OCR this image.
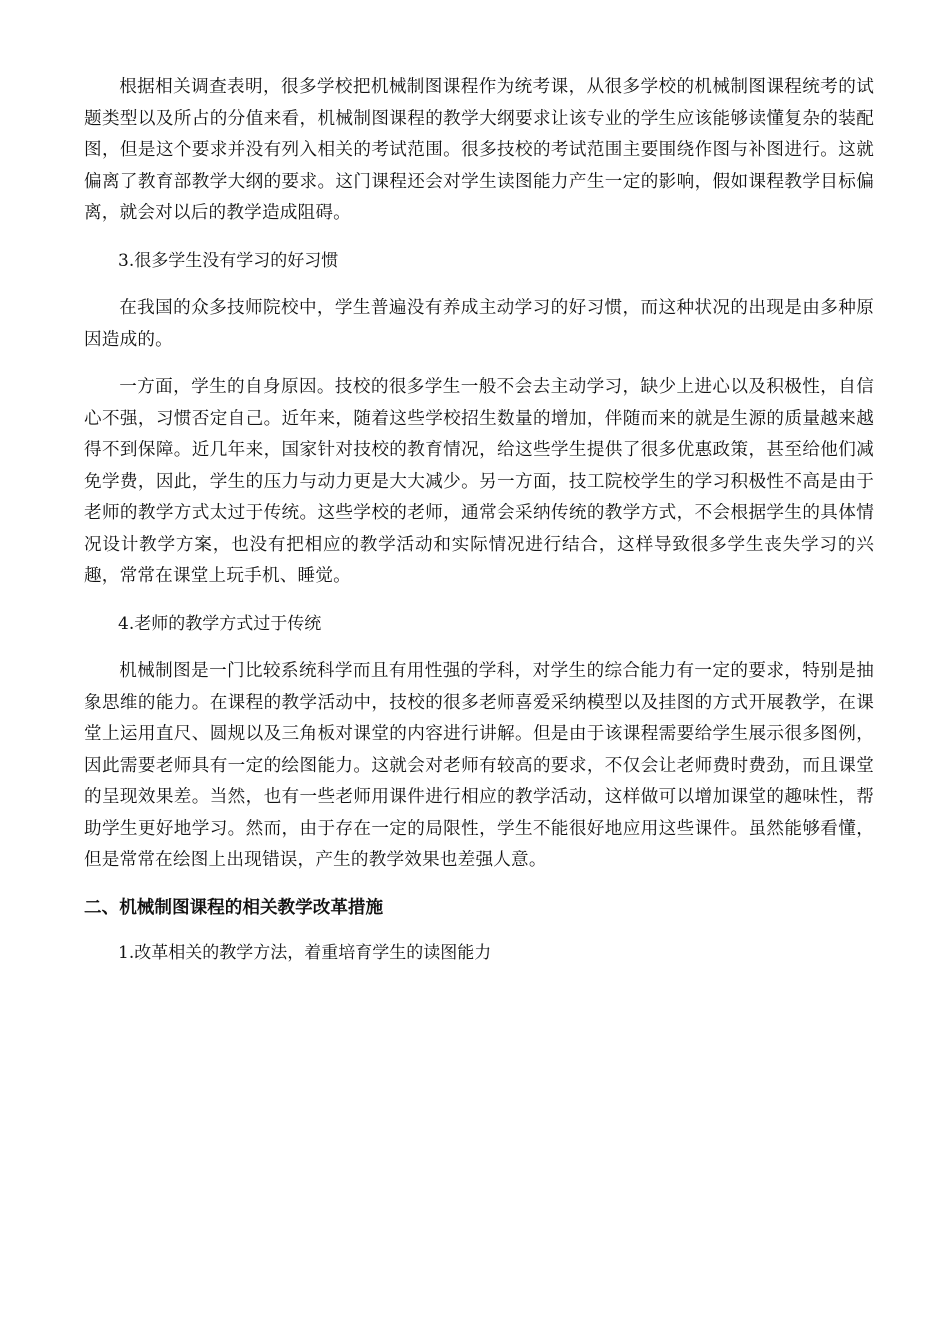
根据相关调查表明，很多学校把机械制图课程作为统考课，从很多学校的机械制图课程统考的试题类型以及所占的分值来看，机械制图课程的教学大纲要求让该专业的学生应该能够读懂复杂的装配图，但是这个要求并没有列入相关的考试范围。很多技校的考试范围主要围绕作图与补图进行。这就偏离了教育部教学大纲的要求。这门课程还会对学生读图能力产生一定的影响，假如课程教学目标偏离，就会对以后的教学造成阻碍。

3.很多学生没有学习的好习惯

在我国的众多技师院校中，学生普遍没有养成主动学习的好习惯，而这种状况的出现是由多种原因造成的。

一方面，学生的自身原因。技校的很多学生一般不会去主动学习，缺少上进心以及积极性，自信心不强，习惯否定自己。近年来，随着这些学校招生数量的增加，伴随而来的就是生源的质量越来越得不到保障。近几年来，国家针对技校的教育情况，给这些学生提供了很多优惠政策，甚至给他们减免学费，因此，学生的压力与动力更是大大减少。另一方面，技工院校学生的学习积极性不高是由于老师的教学方式太过于传统。这些学校的老师，通常会采纳传统的教学方式，不会根据学生的具体情况设计教学方案，也没有把相应的教学活动和实际情况进行结合，这样导致很多学生丧失学习的兴趣，常常在课堂上玩手机、睡觉。

4.老师的教学方式过于传统

机械制图是一门比较系统科学而且有用性强的学科，对学生的综合能力有一定的要求，特别是抽象思维的能力。在课程的教学活动中，技校的很多老师喜爱采纳模型以及挂图的方式开展教学，在课堂上运用直尺、圆规以及三角板对课堂的内容进行讲解。但是由于该课程需要给学生展示很多图例，因此需要老师具有一定的绘图能力。这就会对老师有较高的要求，不仅会让老师费时费劲，而且课堂的呈现效果差。当然，也有一些老师用课件进行相应的教学活动，这样做可以增加课堂的趣味性，帮助学生更好地学习。然而，由于存在一定的局限性，学生不能很好地应用这些课件。虽然能够看懂，但是常常在绘图上出现错误，产生的教学效果也差强人意。

二、机械制图课程的相关教学改革措施

1.改革相关的教学方法，着重培育学生的读图能力
